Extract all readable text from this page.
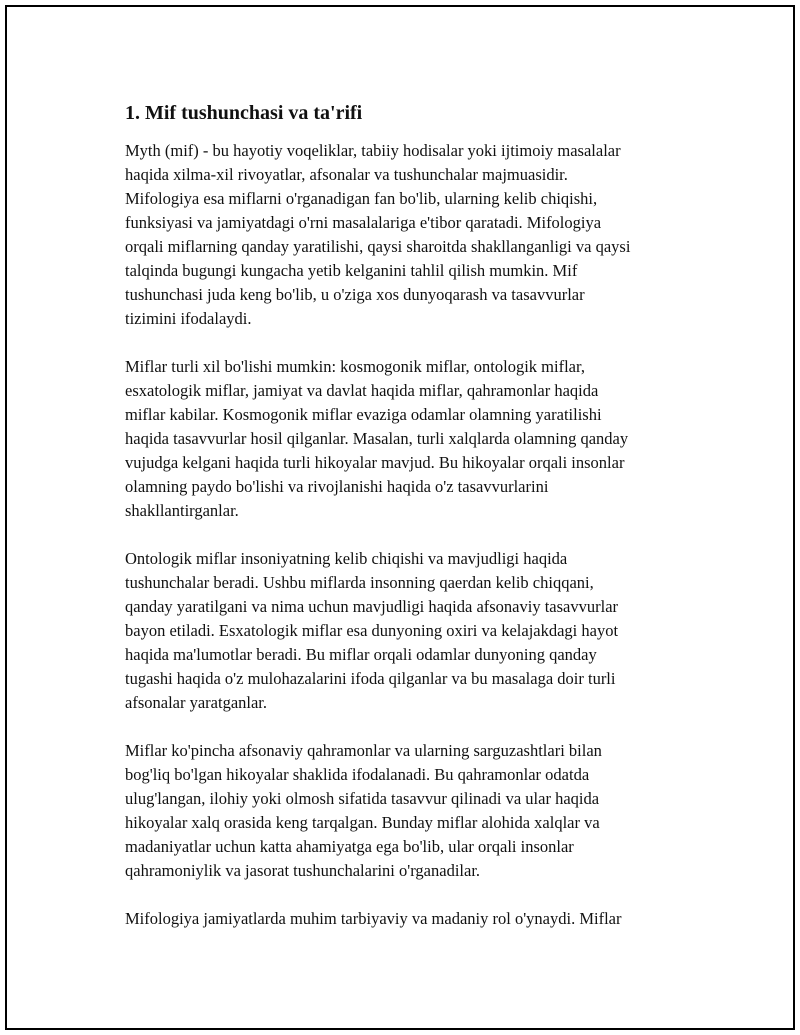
1. Mif tushunchasi va ta'rifi
Myth (mif) - bu hayotiy voqeliklar, tabiiy hodisalar yoki ijtimoiy masalalar
haqida xilma-xil rivoyatlar, afsonalar va tushunchalar majmuasidir.
Mifologiya esa miflarni o'rganadigan fan bo'lib, ularning kelib chiqishi,
funksiyasi va jamiyatdagi o'rni masalalariga e'tibor qaratadi. Mifologiya
orqali miflarning qanday yaratilishi, qaysi sharoitda shakllanganligi va qaysi
talqinda bugungi kungacha yetib kelganini tahlil qilish mumkin. Mif
tushunchasi juda keng bo'lib, u o'ziga xos dunyoqarash va tasavvurlar
tizimini ifodalaydi.
Miflar turli xil bo'lishi mumkin: kosmogonik miflar, ontologik miflar,
esxatologik miflar, jamiyat va davlat haqida miflar, qahramonlar haqida
miflar kabilar. Kosmogonik miflar evaziga odamlar olamning yaratilishi
haqida tasavvurlar hosil qilganlar. Masalan, turli xalqlarda olamning qanday
vujudga kelgani haqida turli hikoyalar mavjud. Bu hikoyalar orqali insonlar
olamning paydo bo'lishi va rivojlanishi haqida o'z tasavvurlarini
shakllantirganlar.
Ontologik miflar insoniyatning kelib chiqishi va mavjudligi haqida
tushunchalar beradi. Ushbu miflarda insonning qaerdan kelib chiqqani,
qanday yaratilgani va nima uchun mavjudligi haqida afsonaviy tasavvurlar
bayon etiladi. Esxatologik miflar esa dunyoning oxiri va kelajakdagi hayot
haqida ma'lumotlar beradi. Bu miflar orqali odamlar dunyoning qanday
tugashi haqida o'z mulohazalarini ifoda qilganlar va bu masalaga doir turli
afsonalar yaratganlar.
Miflar ko'pincha afsonaviy qahramonlar va ularning sarguzashtlari bilan
bog'liq bo'lgan hikoyalar shaklida ifodalanadi. Bu qahramonlar odatda
ulug'langan, ilohiy yoki olmosh sifatida tasavvur qilinadi va ular haqida
hikoyalar xalq orasida keng tarqalgan. Bunday miflar alohida xalqlar va
madaniyatlar uchun katta ahamiyatga ega bo'lib, ular orqali insonlar
qahramoniylik va jasorat tushunchalarini o'rganadilar.
Mifologiya jamiyatlarda muhim tarbiyaviy va madaniy rol o'ynaydi. Miflar
